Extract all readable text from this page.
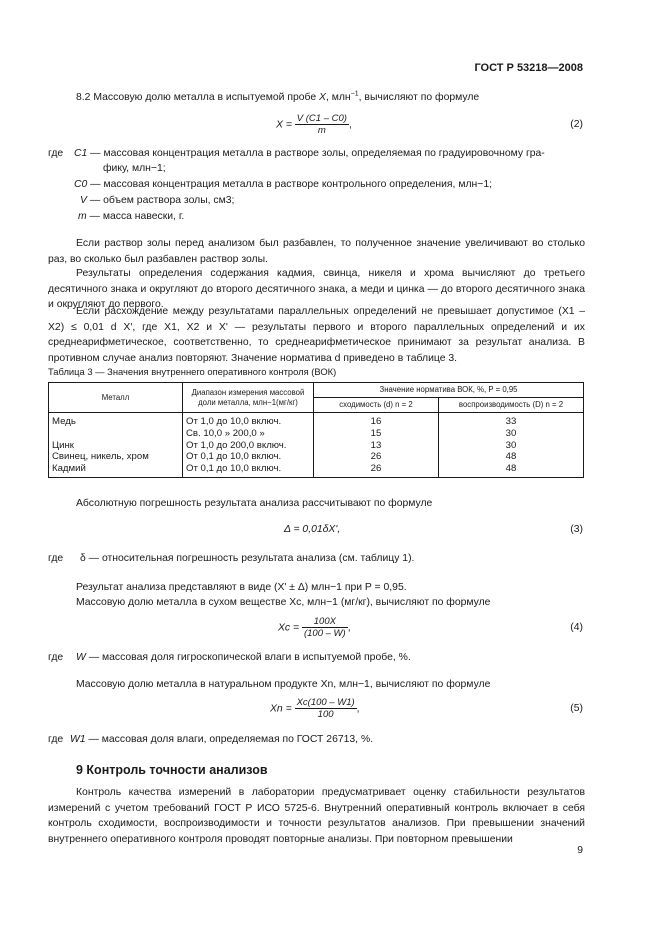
ГОСТ Р 53218—2008
8.2 Массовую долю металла в испытуемой пробе X, млн$^{-1}$, вычисляют по формуле
$X = \frac{V (C1 - C0)}{m}$ ,	(2)
где C1 — массовая концентрация металла в растворе золы, определяемая по градуировочному гра-
фику, млн−1;
C0 — массовая концентрация металла в растворе контрольного определения, млн−1;
V — объем раствора золы, см3;
m — масса навески, г.
Если раствор золы перед анализом был разбавлен, то полученное значение увеличивают во столько раз, во сколько был разбавлен раствор золы.
Результаты определения содержания кадмия, свинца, никеля и хрома вычисляют до третьего десятичного знака и округляют до второго десятичного знака, а меди и цинка — до второго десятичного знака и округляют до первого.
Если расхождение между результатами параллельных определений не превышает допустимое (X1 – X2) ≤ 0,01 d X', где X1, X2 и X' — результаты первого и второго параллельных определений и их среднеарифметическое, соответственно, то среднеарифметическое принимают за результат анализа. В противном случае анализ повторяют. Значение норматива d приведено в таблице 3.
Таблица 3 — Значения внутреннего оперативного контроля (ВОК)
Металл	Диапазон измерения массовой доли металла, млн−1(мг/кг)	Значение норматива ВОК, %, P = 0,95	
		сходимость (d) n = 2	воспроизводимость (D) n = 2
Медь	От 1,0 до 10,0 включ.	16	33
	Св. 10,0 » 200,0 »	15	30
Цинк	От 1,0 до 200,0 включ.	13	30
Свинец, никель, хром	От 0,1 до 10,0 включ.	26	48
Кадмий	От 0,1 до 10,0 включ.	26	48
Абсолютную погрешность результата анализа рассчитывают по формуле
Δ = 0,01δX',	(3)
где δ — относительная погрешность результата анализа (см. таблицу 1).
Результат анализа представляют в виде (X' ± Δ) млн−1 при P = 0,95.
Массовую долю металла в сухом веществе Xc, млн−1 (мг/кг), вычисляют по формуле
$Xc = \frac{100X}{(100 - W)}$ ,	(4)
где W — массовая доля гигроскопической влаги в испытуемой пробе, %.
Массовую долю металла в натуральном продукте Xn, млн−1, вычисляют по формуле
$Xn = \frac{Xc(100 - W1)}{100}$ ,	(5)
где W1 — массовая доля влаги, определяемая по ГОСТ 26713, %.
9 Контроль точности анализов
Контроль качества измерений в лаборатории предусматривает оценку стабильности результатов измерений с учетом требований ГОСТ Р ИСО 5725-6. Внутренний оперативный контроль включает в себя контроль сходимости, воспроизводимости и точности результатов анализов. При превышении значений внутреннего оперативного контроля проводят повторные анализы. При повторном превышении
9
